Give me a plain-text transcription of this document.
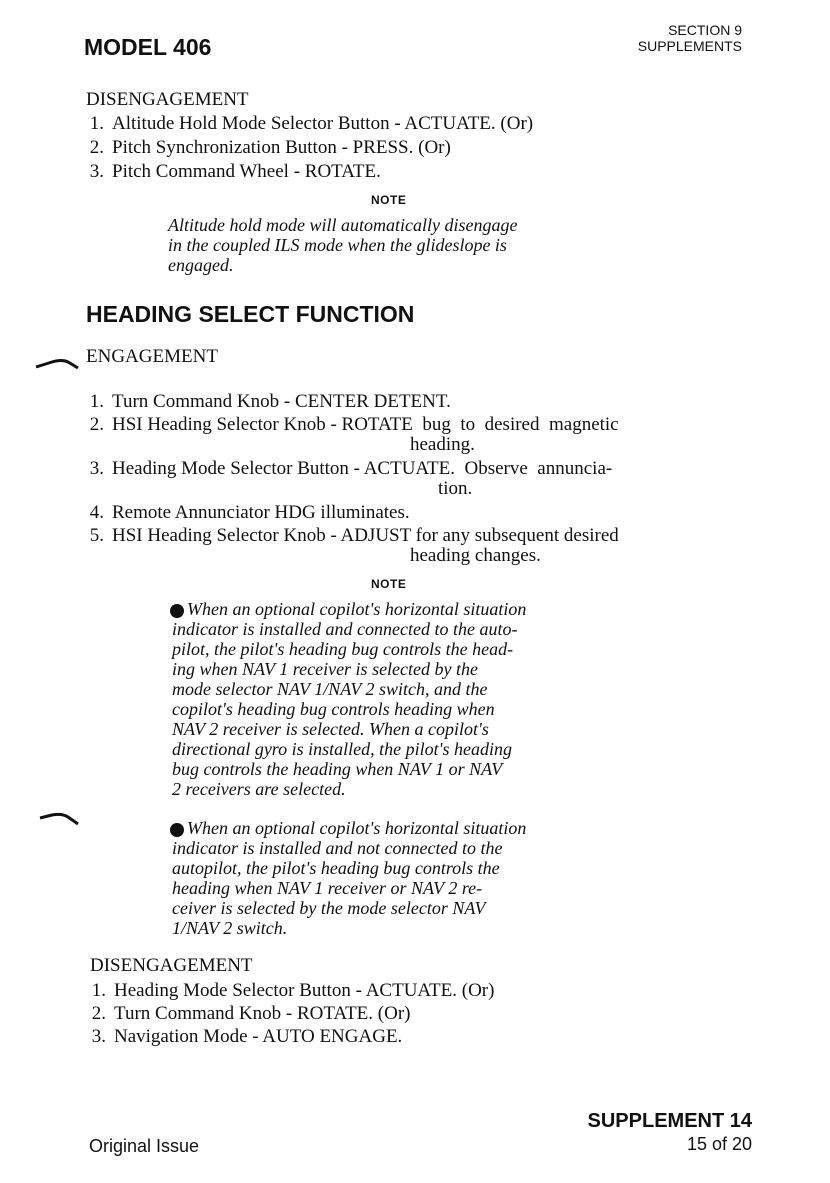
MODEL 406
SECTION 9
SUPPLEMENTS
DISENGAGEMENT
1. Altitude Hold Mode Selector Button - ACTUATE. (Or)
2. Pitch Synchronization Button - PRESS. (Or)
3. Pitch Command Wheel - ROTATE.
NOTE
Altitude hold mode will automatically disengage
in the coupled ILS mode when the glideslope is
engaged.
HEADING SELECT FUNCTION
ENGAGEMENT
1. Turn Command Knob - CENTER DETENT.
2. HSI Heading Selector Knob - ROTATE  bug  to  desired  magnetic
heading.
3. Heading Mode Selector Button - ACTUATE.  Observe  annuncia-
tion.
4. Remote Annunciator HDG illuminates.
5. HSI Heading Selector Knob - ADJUST for any subsequent desired
heading changes.
NOTE
When an optional copilot's horizontal situation
indicator is installed and connected to the auto-
pilot, the pilot's heading bug controls the head-
ing when NAV 1 receiver is selected by the
mode selector NAV 1/NAV 2 switch, and the
copilot's heading bug controls heading when
NAV 2 receiver is selected. When a copilot's
directional gyro is installed, the pilot's heading
bug controls the heading when NAV 1 or NAV
2 receivers are selected.
When an optional copilot's horizontal situation
indicator is installed and not connected to the
autopilot, the pilot's heading bug controls the
heading when NAV 1 receiver or NAV 2 re-
ceiver is selected by the mode selector NAV
1/NAV 2 switch.
DISENGAGEMENT
1. Heading Mode Selector Button - ACTUATE. (Or)
2. Turn Command Knob - ROTATE. (Or)
3. Navigation Mode - AUTO ENGAGE.
Original Issue
SUPPLEMENT 14
15 of 20
